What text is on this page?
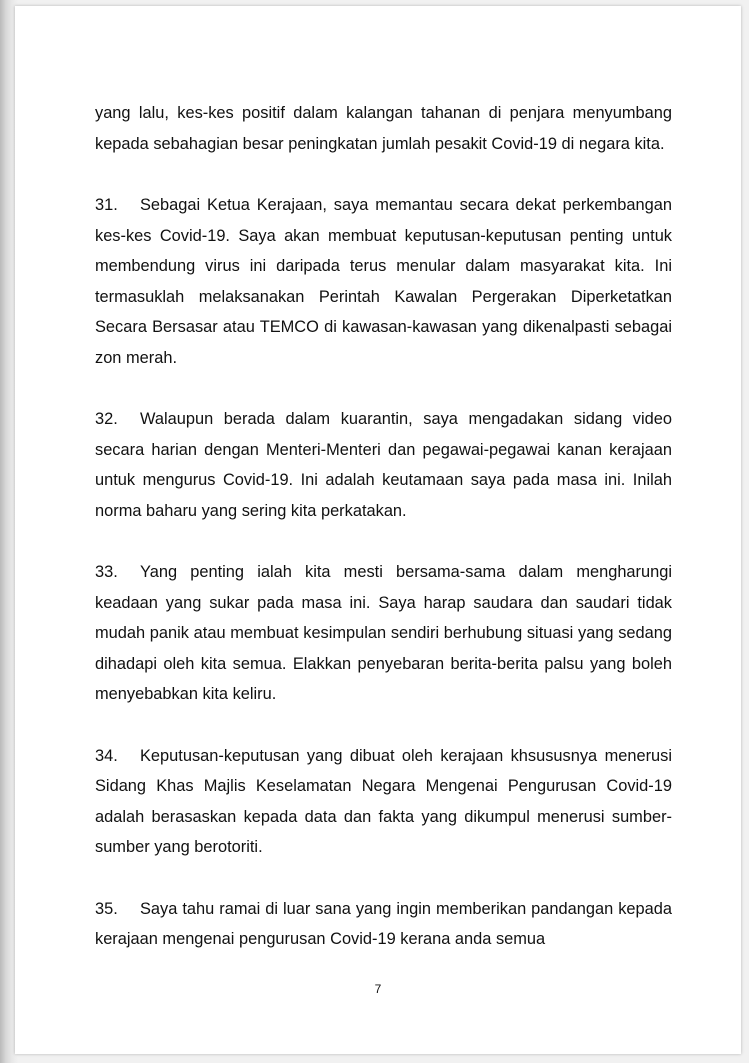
yang lalu, kes-kes positif dalam kalangan tahanan di penjara menyumbang kepada sebahagian besar peningkatan jumlah pesakit Covid-19 di negara kita.

31. Sebagai Ketua Kerajaan, saya memantau secara dekat perkembangan kes-kes Covid-19. Saya akan membuat keputusan-keputusan penting untuk membendung virus ini daripada terus menular dalam masyarakat kita. Ini termasuklah melaksanakan Perintah Kawalan Pergerakan Diperketatkan Secara Bersasar atau TEMCO di kawasan-kawasan yang dikenalpasti sebagai zon merah.

32. Walaupun berada dalam kuarantin, saya mengadakan sidang video secara harian dengan Menteri-Menteri dan pegawai-pegawai kanan kerajaan untuk mengurus Covid-19. Ini adalah keutamaan saya pada masa ini. Inilah norma baharu yang sering kita perkatakan.

33. Yang penting ialah kita mesti bersama-sama dalam mengharungi keadaan yang sukar pada masa ini. Saya harap saudara dan saudari tidak mudah panik atau membuat kesimpulan sendiri berhubung situasi yang sedang dihadapi oleh kita semua. Elakkan penyebaran berita-berita palsu yang boleh menyebabkan kita keliru.

34. Keputusan-keputusan yang dibuat oleh kerajaan khsususnya menerusi Sidang Khas Majlis Keselamatan Negara Mengenai Pengurusan Covid-19 adalah berasaskan kepada data dan fakta yang dikumpul menerusi sumber-sumber yang berotoriti.

35. Saya tahu ramai di luar sana yang ingin memberikan pandangan kepada kerajaan mengenai pengurusan Covid-19 kerana anda semua

7
